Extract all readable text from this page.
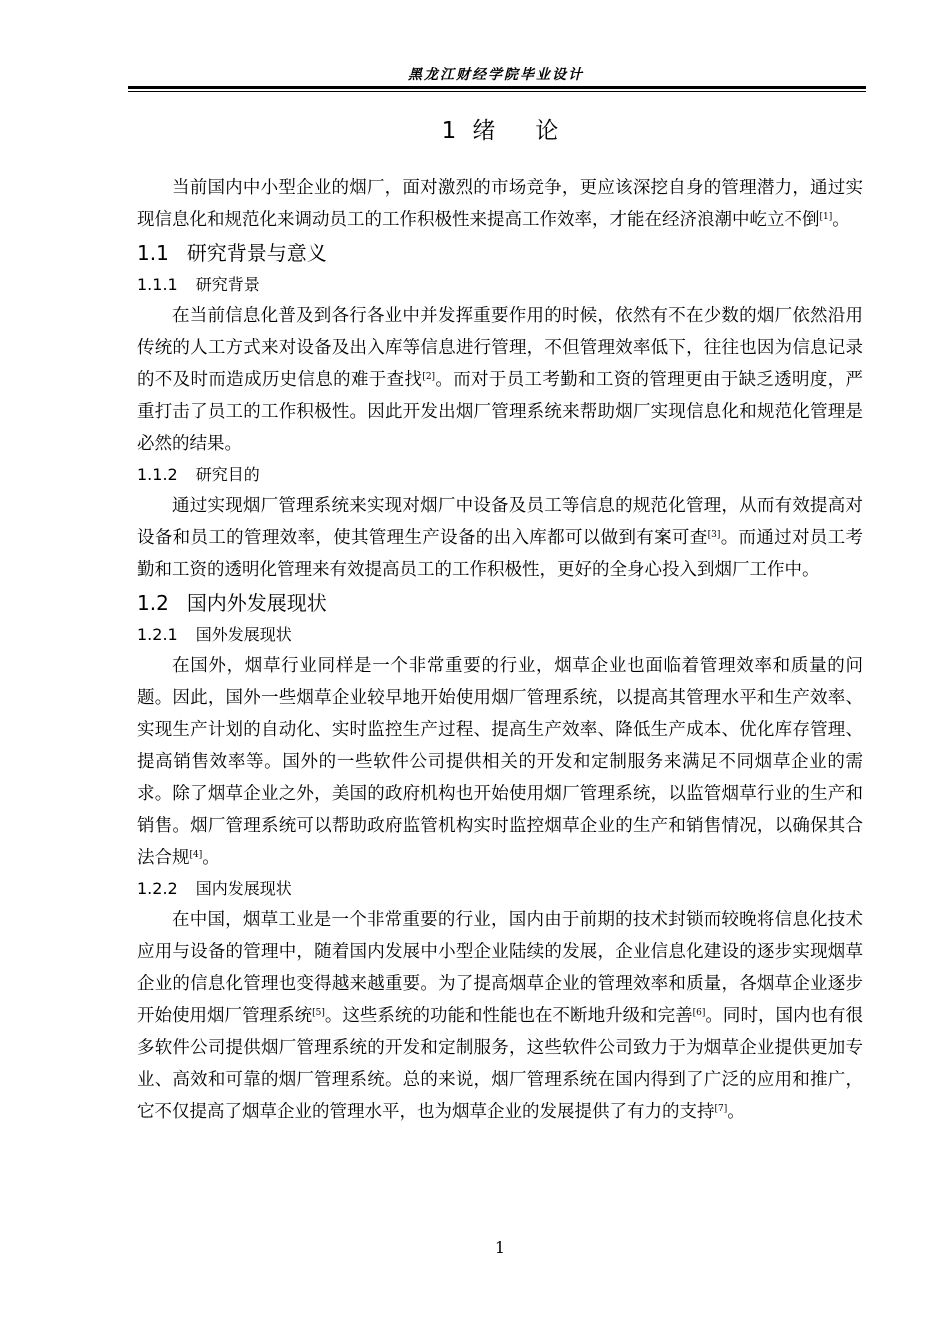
黑龙江财经学院毕业设计
1 绪 论

当前国内中小型企业的烟厂，面对激烈的市场竞争，更应该深挖自身的管理潜力，通过实现信息化和规范化来调动员工的工作积极性来提高工作效率，才能在经济浪潮中屹立不倒[1]。

1.1 研究背景与意义
1.1.1 研究背景

在当前信息化普及到各行各业中并发挥重要作用的时候，依然有不在少数的烟厂依然沿用传统的人工方式来对设备及出入库等信息进行管理，不但管理效率低下，往往也因为信息记录的不及时而造成历史信息的难于查找[2]。而对于员工考勤和工资的管理更由于缺乏透明度，严重打击了员工的工作积极性。因此开发出烟厂管理系统来帮助烟厂实现信息化和规范化管理是必然的结果。

1.1.2 研究目的

通过实现烟厂管理系统来实现对烟厂中设备及员工等信息的规范化管理，从而有效提高对设备和员工的管理效率，使其管理生产设备的出入库都可以做到有案可查[3]。而通过对员工考勤和工资的透明化管理来有效提高员工的工作积极性，更好的全身心投入到烟厂工作中。

1.2 国内外发展现状
1.2.1 国外发展现状

在国外，烟草行业同样是一个非常重要的行业，烟草企业也面临着管理效率和质量的问题。因此，国外一些烟草企业较早地开始使用烟厂管理系统，以提高其管理水平和生产效率、实现生产计划的自动化、实时监控生产过程、提高生产效率、降低生产成本、优化库存管理、提高销售效率等。国外的一些软件公司提供相关的开发和定制服务来满足不同烟草企业的需求。除了烟草企业之外，美国的政府机构也开始使用烟厂管理系统，以监管烟草行业的生产和销售。烟厂管理系统可以帮助政府监管机构实时监控烟草企业的生产和销售情况，以确保其合法合规[4]。

1.2.2 国内发展现状

在中国，烟草工业是一个非常重要的行业，国内由于前期的技术封锁而较晚将信息化技术应用与设备的管理中，随着国内发展中小型企业陆续的发展，企业信息化建设的逐步实现烟草企业的信息化管理也变得越来越重要。为了提高烟草企业的管理效率和质量，各烟草企业逐步开始使用烟厂管理系统[5]。这些系统的功能和性能也在不断地升级和完善[6]。同时，国内也有很多软件公司提供烟厂管理系统的开发和定制服务，这些软件公司致力于为烟草企业提供更加专业、高效和可靠的烟厂管理系统。总的来说，烟厂管理系统在国内得到了广泛的应用和推广，它不仅提高了烟草企业的管理水平，也为烟草企业的发展提供了有力的支持[7]。

1
